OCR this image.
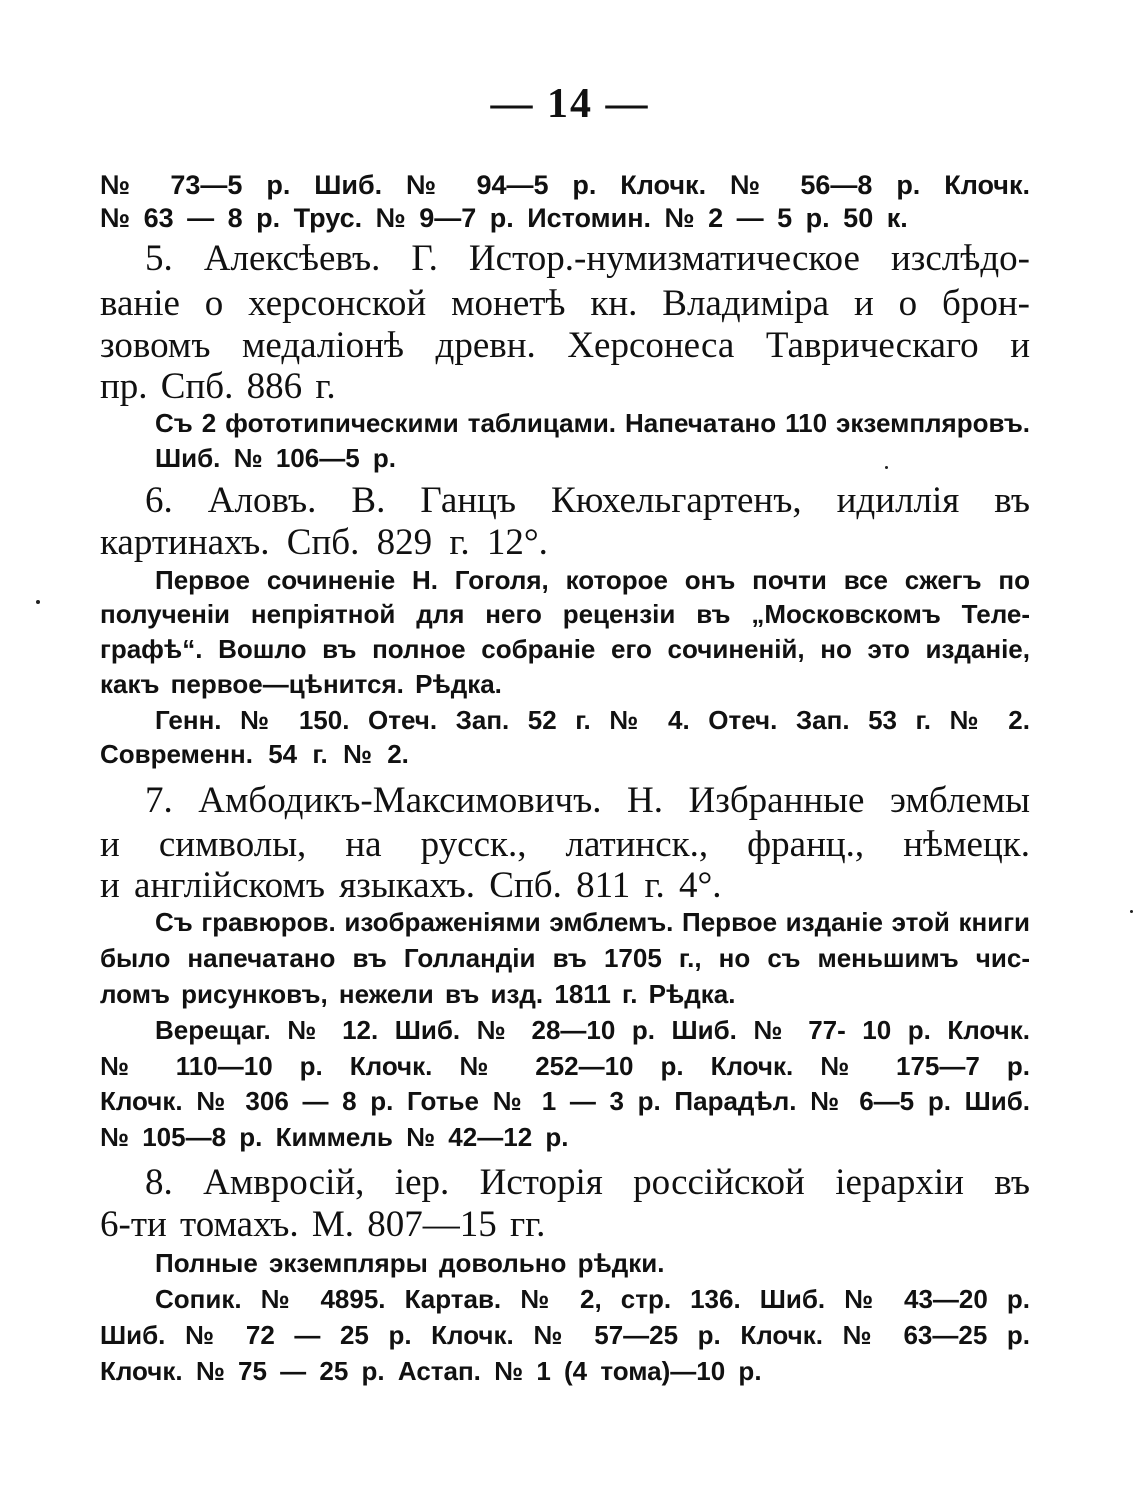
— 14 —
№ 73—5 р. Шиб. № 94—5 р. Клочк. № 56—8 р. Клочк.
№ 63 — 8 р. Трус. № 9—7 р. Истомин. № 2 — 5 р. 50 к.
5. Алексѣевъ. Г. Истор.-нумизматическое изслѣдо-
ваніе о херсонской монетѣ кн. Владиміра и о брон-
зовомъ медаліонѣ древн. Херсонеса Таврическаго и
пр. Спб. 886 г.
Съ 2 фототипическими таблицами. Напечатано 110 экземпляровъ.
Шиб. № 106—5 р.
6. Аловъ. В. Ганцъ Кюхельгартенъ, идиллія въ
картинахъ. Спб. 829 г. 12°.
Первое сочиненіе Н. Гоголя, которое онъ почти все сжегъ по
полученіи непріятной для него рецензіи въ „Московскомъ Теле-
графѣ“. Вошло въ полное собраніе его сочиненій, но это изданіе,
какъ первое—цѣнится. Рѣдка.
Генн. № 150. Отеч. Зап. 52 г. № 4. Отеч. Зап. 53 г. № 2.
Современн. 54 г. № 2.
7. Амбодикъ-Максимовичъ. Н. Избранные эмблемы
и символы, на русск., латинск., франц., нѣмецк.
и англійскомъ языкахъ. Спб. 811 г. 4°.
Съ гравюров. изображеніями эмблемъ. Первое изданіе этой книги
было напечатано въ Голландіи въ 1705 г., но съ меньшимъ чис-
ломъ рисунковъ, нежели въ изд. 1811 г. Рѣдка.
Верещаг. № 12. Шиб. № 28—10 р. Шиб. № 77- 10 р. Клочк.
№ 110—10 р. Клочк. № 252—10 р. Клочк. № 175—7 р.
Клочк. № 306 — 8 р. Готье № 1 — 3 р. Парадѣл. № 6—5 р. Шиб.
№ 105—8 р. Киммель № 42—12 р.
8. Амвросій, іер. Исторія россійской іерархіи въ
6-ти томахъ. М. 807—15 гг.
Полные экземпляры довольно рѣдки.
Сопик. № 4895. Картав. № 2, стр. 136. Шиб. № 43—20 р.
Шиб. № 72 — 25 р. Клочк. № 57—25 р. Клочк. № 63—25 р.
Клочк. № 75 — 25 р. Астап. № 1 (4 тома)—10 р.
